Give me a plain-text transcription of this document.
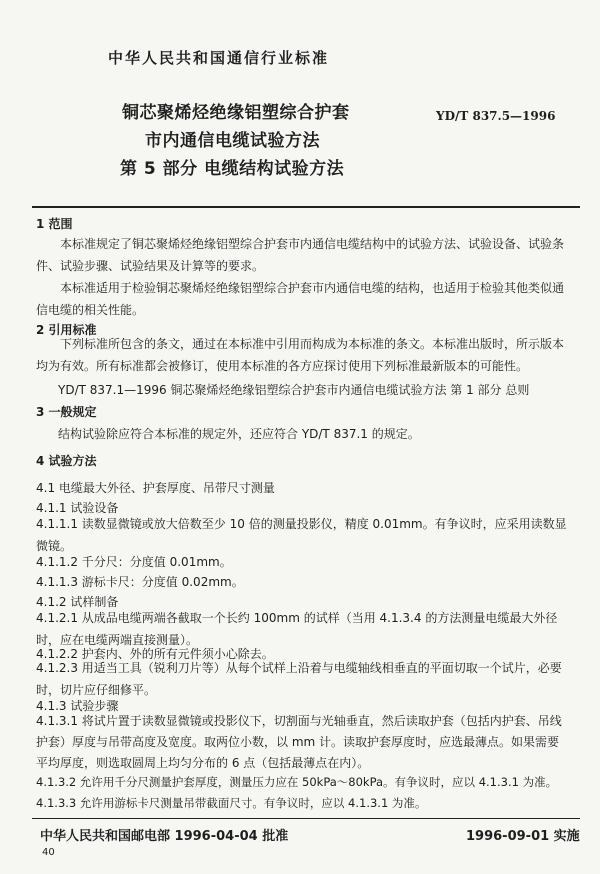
中华人民共和国通信行业标准
铜芯聚烯烃绝缘铝塑综合护套
市内通信电缆试验方法
第 5 部分 电缆结构试验方法
YD/T 837.5—1996
1 范围
本标准规定了铜芯聚烯烃绝缘铝塑综合护套市内通信电缆结构中的试验方法、试验设备、试验条件、试验步骤、试验结果及计算等的要求。
本标准适用于检验铜芯聚烯烃绝缘铝塑综合护套市内通信电缆的结构，也适用于检验其他类似通信电缆的相关性能。
2 引用标准
下列标准所包含的条文，通过在本标准中引用而构成为本标准的条文。本标准出版时，所示版本均为有效。所有标准都会被修订，使用本标准的各方应探讨使用下列标准最新版本的可能性。
YD/T 837.1—1996 铜芯聚烯烃绝缘铝塑综合护套市内通信电缆试验方法 第 1 部分 总则
3 一般规定
结构试验除应符合本标准的规定外，还应符合 YD/T 837.1 的规定。
4 试验方法
4.1 电缆最大外径、护套厚度、吊带尺寸测量
4.1.1 试验设备
4.1.1.1 读数显微镜或放大倍数至少 10 倍的测量投影仪，精度 0.01mm。有争议时，应采用读数显微镜。
4.1.1.2 千分尺：分度值 0.01mm。
4.1.1.3 游标卡尺：分度值 0.02mm。
4.1.2 试样制备
4.1.2.1 从成品电缆两端各截取一个长约 100mm 的试样（当用 4.1.3.4 的方法测量电缆最大外径时，应在电缆两端直接测量）。
4.1.2.2 护套内、外的所有元件须小心除去。
4.1.2.3 用适当工具（锐利刀片等）从每个试样上沿着与电缆轴线相垂直的平面切取一个试片，必要时，切片应仔细修平。
4.1.3 试验步骤
4.1.3.1 将试片置于读数显微镜或投影仪下，切割面与光轴垂直，然后读取护套（包括内护套、吊线护套）厚度与吊带高度及宽度。取两位小数，以 mm 计。读取护套厚度时，应选最薄点。如果需要平均厚度，则选取圆周上均匀分布的 6 点（包括最薄点在内）。
4.1.3.2 允许用千分尺测量护套厚度，测量压力应在 50kPa～80kPa。有争议时，应以 4.1.3.1 为准。
4.1.3.3 允许用游标卡尺测量吊带截面尺寸。有争议时，应以 4.1.3.1 为准。
中华人民共和国邮电部 1996-04-04 批准	1996-09-01 实施
40
